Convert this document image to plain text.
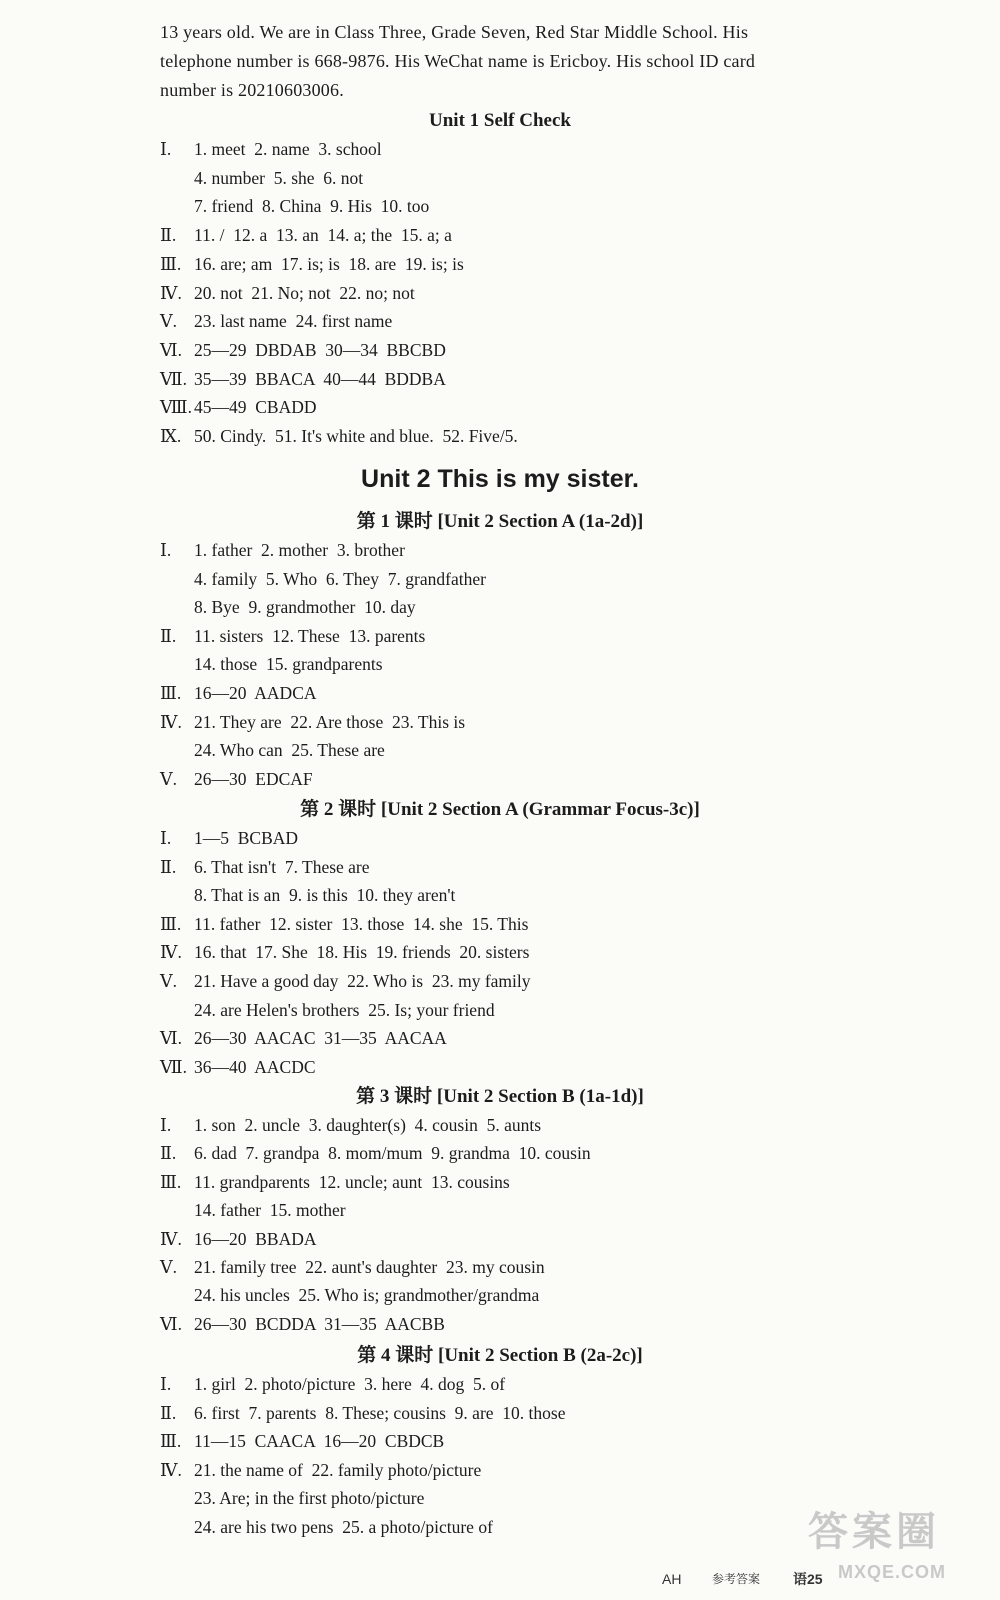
13 years old. We are in Class Three, Grade Seven, Red Star Middle School. His
telephone number is 668-9876. His WeChat name is Ericboy. His school ID card
number is 20210603006.
Unit 1 Self Check
Ⅰ. 1. meet  2. name  3. school
4. number  5. she  6. not
7. friend  8. China  9. His  10. too
Ⅱ. 11. /  12. a  13. an  14. a; the  15. a; a
Ⅲ. 16. are; am  17. is; is  18. are  19. is; is
Ⅳ. 20. not  21. No; not  22. no; not
Ⅴ. 23. last name  24. first name
Ⅵ. 25—29  DBDAB  30—34  BBCBD
Ⅶ. 35—39  BBACA  40—44  BDDBA
Ⅷ. 45—49  CBADD
Ⅸ. 50. Cindy.  51. It's white and blue.  52. Five/5.
Unit 2 This is my sister.
第 1 课时 [Unit 2 Section A (1a-2d)]
Ⅰ. 1. father  2. mother  3. brother
4. family  5. Who  6. They  7. grandfather
8. Bye  9. grandmother  10. day
Ⅱ. 11. sisters  12. These  13. parents
14. those  15. grandparents
Ⅲ. 16—20  AADCA
Ⅳ. 21. They are  22. Are those  23. This is
24. Who can  25. These are
Ⅴ. 26—30  EDCAF
第 2 课时 [Unit 2 Section A (Grammar Focus-3c)]
Ⅰ. 1—5  BCBAD
Ⅱ. 6. That isn't  7. These are
8. That is an  9. is this  10. they aren't
Ⅲ. 11. father  12. sister  13. those  14. she  15. This
Ⅳ. 16. that  17. She  18. His  19. friends  20. sisters
Ⅴ. 21. Have a good day  22. Who is  23. my family
24. are Helen's brothers  25. Is; your friend
Ⅵ. 26—30  AACAC  31—35  AACAA
Ⅶ. 36—40  AACDC
第 3 课时 [Unit 2 Section B (1a-1d)]
Ⅰ. 1. son  2. uncle  3. daughter(s)  4. cousin  5. aunts
Ⅱ. 6. dad  7. grandpa  8. mom/mum  9. grandma  10. cousin
Ⅲ. 11. grandparents  12. uncle; aunt  13. cousins
14. father  15. mother
Ⅳ. 16—20  BBADA
Ⅴ. 21. family tree  22. aunt's daughter  23. my cousin
24. his uncles  25. Who is; grandmother/grandma
Ⅵ. 26—30  BCDDA  31—35  AACBB
第 4 课时 [Unit 2 Section B (2a-2c)]
Ⅰ. 1. girl  2. photo/picture  3. here  4. dog  5. of
Ⅱ. 6. first  7. parents  8. These; cousins  9. are  10. those
Ⅲ. 11—15  CAACA  16—20  CBDCB
Ⅳ. 21. the name of  22. family photo/picture
23. Are; in the first photo/picture
24. are his two pens  25. a photo/picture of
AH	参考答案 语25
答案圈
MXQE.COM
